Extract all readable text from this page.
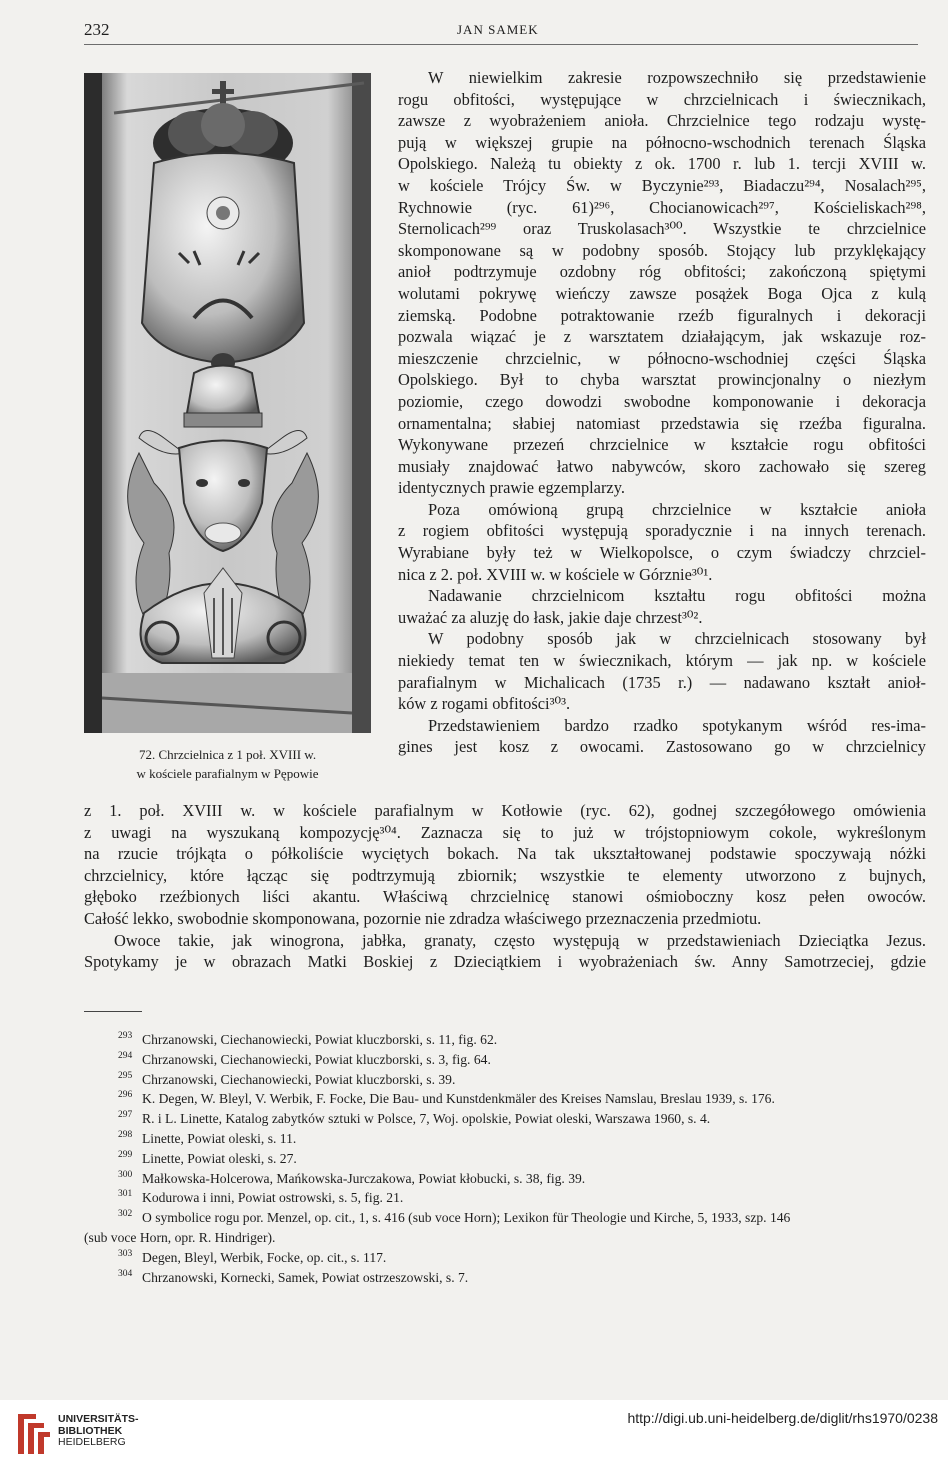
232	JAN SAMEK
72. Chrzcielnica z 1 poł. XVIII w.
w kościele parafialnym w Pępowie
W niewielkim zakresie rozpowszechniło się przedstawienie
rogu obfitości, występujące w chrzcielnicach i świecznikach,
zawsze z wyobrażeniem anioła. Chrzcielnice tego rodzaju wystę-
pują w większej grupie na północno-wschodnich terenach Śląska
Opolskiego. Należą tu obiekty z ok. 1700 r. lub 1. tercji XVIII w.
w kościele Trójcy Św. w Byczynie²⁹³, Biadaczu²⁹⁴, Nosalach²⁹⁵,
Rychnowie (ryc. 61)²⁹⁶, Chocianowicach²⁹⁷, Kościeliskach²⁹⁸,
Sternolicach²⁹⁹ oraz Truskolasach³⁰⁰. Wszystkie te chrzcielnice
skomponowane są w podobny sposób. Stojący lub przyklękający
anioł podtrzymuje ozdobny róg obfitości; zakończoną spiętymi
wolutami pokrywę wieńczy zawsze posążek Boga Ojca z kulą
ziemską. Podobne potraktowanie rzeźb figuralnych i dekoracji
pozwala wiązać je z warsztatem działającym, jak wskazuje roz-
mieszczenie chrzcielnic, w północno-wschodniej części Śląska
Opolskiego. Był to chyba warsztat prowincjonalny o niezłym
poziomie, czego dowodzi swobodne komponowanie i dekoracja
ornamentalna; słabiej natomiast przedstawia się rzeźba figuralna.
Wykonywane przezeń chrzcielnice w kształcie rogu obfitości
musiały znajdować łatwo nabywców, skoro zachowało się szereg
identycznych prawie egzemplarzy.
Poza omówioną grupą chrzcielnice w kształcie anioła
z rogiem obfitości występują sporadycznie i na innych terenach.
Wyrabiane były też w Wielkopolsce, o czym świadczy chrzciel-
nica z 2. poł. XVIII w. w kościele w Górznie³⁰¹.
Nadawanie chrzcielnicom kształtu rogu obfitości można
uważać za aluzję do łask, jakie daje chrzest³⁰².
W podobny sposób jak w chrzcielnicach stosowany był
niekiedy temat ten w świecznikach, którym — jak np. w kościele
parafialnym w Michalicach (1735 r.) — nadawano kształt anioł-
ków z rogami obfitości³⁰³.
Przedstawieniem bardzo rzadko spotykanym wśród res-ima-
gines jest kosz z owocami. Zastosowano go w chrzcielnicy
z 1. poł. XVIII w. w kościele parafialnym w Kotłowie (ryc. 62), godnej szczegółowego omówienia
z uwagi na wyszukaną kompozycję³⁰⁴. Zaznacza się to już w trójstopniowym cokole, wykreślonym
na rzucie trójkąta o półkoliście wyciętych bokach. Na tak ukształtowanej podstawie spoczywają nóżki
chrzcielnicy, które łącząc się podtrzymują zbiornik; wszystkie te elementy utworzono z bujnych,
głęboko rzeźbionych liści akantu. Właściwą chrzcielnicę stanowi ośmioboczny kosz pełen owoców.
Całość lekko, swobodnie skomponowana, pozornie nie zdradza właściwego przeznaczenia przedmiotu.
Owoce takie, jak winogrona, jabłka, granaty, często występują w przedstawieniach Dzieciątka Jezus.
Spotykamy je w obrazach Matki Boskiej z Dzieciątkiem i wyobrażeniach św. Anny Samotrzeciej, gdzie
293 Chrzanowski, Ciechanowiecki, Powiat kluczborski, s. 11, fig. 62.
294 Chrzanowski, Ciechanowiecki, Powiat kluczborski, s. 3, fig. 64.
295 Chrzanowski, Ciechanowiecki, Powiat kluczborski, s. 39.
296 K. Degen, W. Bleyl, V. Werbik, F. Focke, Die Bau- und Kunstdenkmäler des Kreises Namslau, Breslau 1939, s. 176.
297 R. i L. Linette, Katalog zabytków sztuki w Polsce, 7, Woj. opolskie, Powiat oleski, Warszawa 1960, s. 4.
298 Linette, Powiat oleski, s. 11.
299 Linette, Powiat oleski, s. 27.
300 Małkowska-Holcerowa, Mańkowska-Jurczakowa, Powiat kłobucki, s. 38, fig. 39.
301 Kodurowa i inni, Powiat ostrowski, s. 5, fig. 21.
302 O symbolice rogu por. Menzel, op. cit., 1, s. 416 (sub voce Horn); Lexikon für Theologie und Kirche, 5, 1933, szp. 146
(sub voce Horn, opr. R. Hindriger).
303 Degen, Bleyl, Werbik, Focke, op. cit., s. 117.
304 Chrzanowski, Kornecki, Samek, Powiat ostrzeszowski, s. 7.
UNIVERSITÄTS-
BIBLIOTHEK
HEIDELBERG
http://digi.ub.uni-heidelberg.de/diglit/rhs1970/0238
